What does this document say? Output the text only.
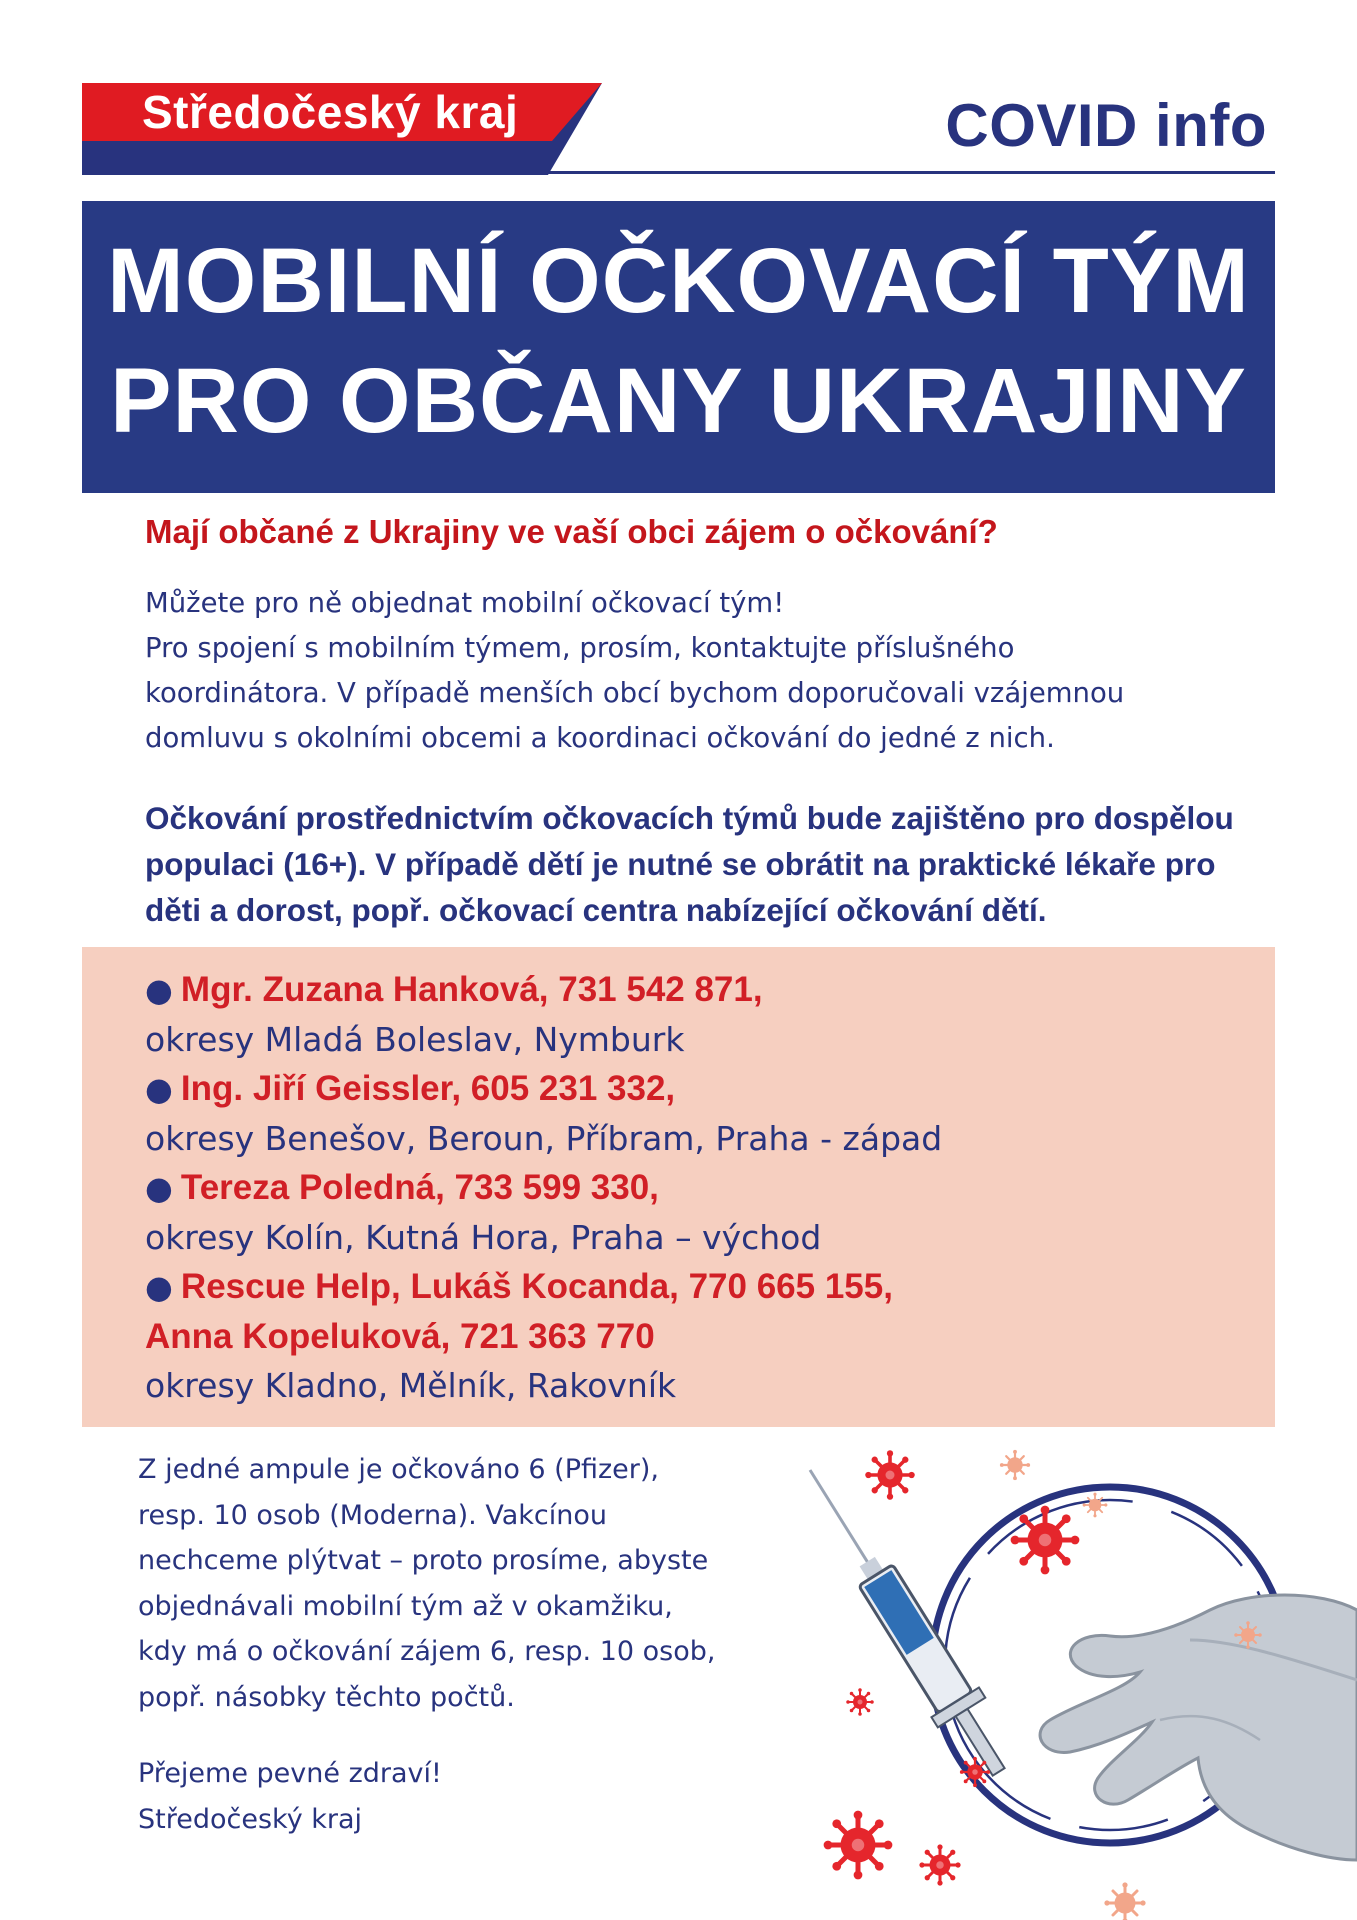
Středočeský kraj	COVID info
MOBILNÍ OČKOVACÍ TÝM
PRO OBČANY UKRAJINY
Mají občané z Ukrajiny ve vaší obci zájem o očkování?
Můžete pro ně objednat mobilní očkovací tým!
Pro spojení s mobilním týmem, prosím, kontaktujte příslušného
koordinátora. V případě menších obcí bychom doporučovali vzájemnou
domluvu s okolními obcemi a koordinaci očkování do jedné z nich.
Očkování prostřednictvím očkovacích týmů bude zajištěno pro dospělou
populaci (16+). V případě dětí je nutné se obrátit na praktické lékaře pro
děti a dorost, popř. očkovací centra nabízející očkování dětí.
● Mgr. Zuzana Hanková, 731 542 871,
okresy Mladá Boleslav, Nymburk
● Ing. Jiří Geissler, 605 231 332,
okresy Benešov, Beroun, Příbram, Praha - západ
● Tereza Poledná, 733 599 330,
okresy Kolín, Kutná Hora, Praha – východ
● Rescue Help, Lukáš Kocanda, 770 665 155,
Anna Kopeluková, 721 363 770
okresy Kladno, Mělník, Rakovník
Z jedné ampule je očkováno 6 (Pfizer),
resp. 10 osob (Moderna). Vakcínou
nechceme plýtvat – proto prosíme, abyste
objednávali mobilní tým až v okamžiku,
kdy má o očkování zájem 6, resp. 10 osob,
popř. násobky těchto počtů.
Přejeme pevné zdraví!
Středočeský kraj
